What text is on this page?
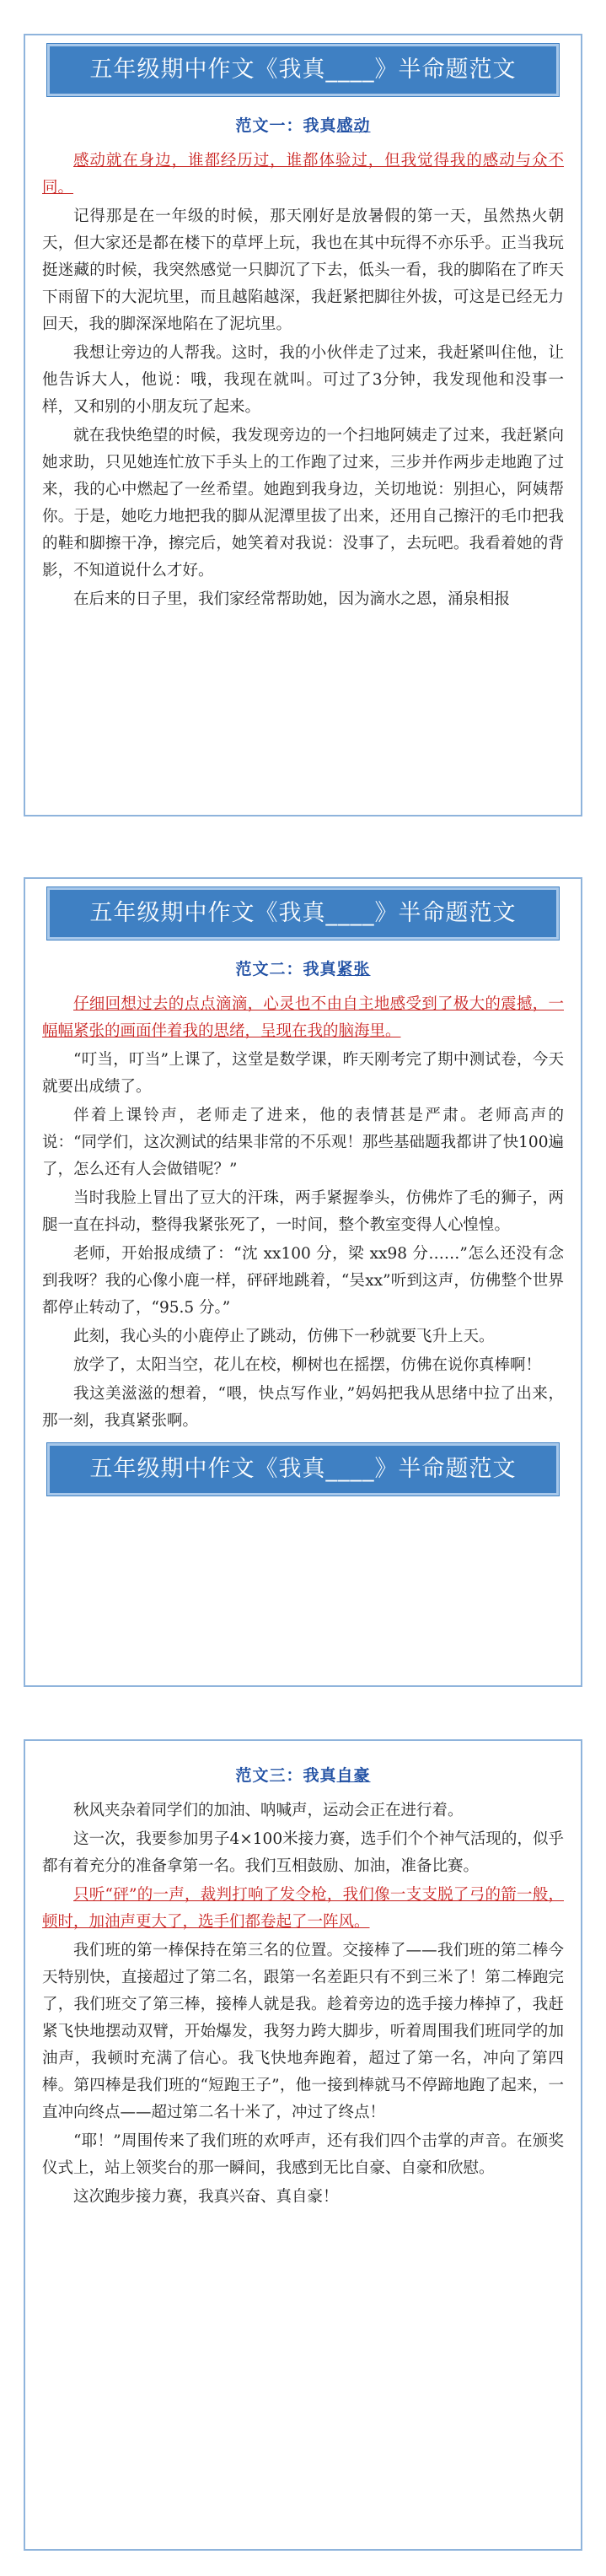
五年级期中作文《我真____》半命题范文
范文一：我真感动

感动就在身边，谁都经历过，谁都体验过，但我觉得我的感动与众不同。

记得那是在一年级的时候，那天刚好是放暑假的第一天，虽然热火朝天，但大家还是都在楼下的草坪上玩，我也在其中玩得不亦乐乎。正当我玩挺迷藏的时候，我突然感觉一只脚沉了下去，低头一看，我的脚陷在了昨天下雨留下的大泥坑里，而且越陷越深，我赶紧把脚往外拔，可这是已经无力回天，我的脚深深地陷在了泥坑里。

我想让旁边的人帮我。这时，我的小伙伴走了过来，我赶紧叫住他，让他告诉大人，他说：哦，我现在就叫。可过了3分钟，我发现他和没事一样，又和别的小朋友玩了起来。

就在我快绝望的时候，我发现旁边的一个扫地阿姨走了过来，我赶紧向她求助，只见她连忙放下手头上的工作跑了过来，三步并作两步走地跑了过来，我的心中燃起了一丝希望。她跑到我身边，关切地说：别担心，阿姨帮你。于是，她吃力地把我的脚从泥潭里拔了出来，还用自己擦汗的毛巾把我的鞋和脚擦干净，擦完后，她笑着对我说：没事了，去玩吧。我看着她的背影，不知道说什么才好。

在后来的日子里，我们家经常帮助她，因为滴水之恩，涌泉相报

五年级期中作文《我真____》半命题范文
范文二：我真紧张

仔细回想过去的点点滴滴，心灵也不由自主地感受到了极大的震撼，一幅幅紧张的画面伴着我的思绪，呈现在我的脑海里。

“叮当，叮当”上课了，这堂是数学课，昨天刚考完了期中测试卷，今天就要出成绩了。

伴着上课铃声，老师走了进来，他的表情甚是严肃。老师高声的说：“同学们，这次测试的结果非常的不乐观！那些基础题我都讲了快100遍了，怎么还有人会做错呢？”

当时我脸上冒出了豆大的汗珠，两手紧握拳头，仿佛炸了毛的狮子，两腿一直在抖动，整得我紧张死了，一时间，整个教室变得人心惶惶。

老师，开始报成绩了：“沈 xx100 分，梁 xx98 分……”怎么还没有念到我呀？我的心像小鹿一样，砰砰地跳着，“吴xx”听到这声，仿佛整个世界都停止转动了，“95.5 分。”

此刻，我心头的小鹿停止了跳动，仿佛下一秒就要飞升上天。

放学了，太阳当空，花儿在校，柳树也在摇摆，仿佛在说你真棒啊！

我这美滋滋的想着，“喂，快点写作业，”妈妈把我从思绪中拉了出来，那一刻，我真紧张啊。

五年级期中作文《我真____》半命题范文
范文三：我真自豪

秋风夹杂着同学们的加油、呐喊声，运动会正在进行着。

这一次，我要参加男子4×100米接力赛，选手们个个神气活现的，似乎都有着充分的准备拿第一名。我们互相鼓励、加油，准备比赛。

只听“砰”的一声，裁判打响了发令枪，我们像一支支脱了弓的箭一般，顿时，加油声更大了，选手们都卷起了一阵风。

我们班的第一棒保持在第三名的位置。交接棒了——我们班的第二棒今天特别快，直接超过了第二名，跟第一名差距只有不到三米了！第二棒跑完了，我们班交了第三棒，接棒人就是我。趁着旁边的选手接力棒掉了，我赶紧飞快地摆动双臂，开始爆发，我努力跨大脚步，听着周围我们班同学的加油声，我顿时充满了信心。我飞快地奔跑着，超过了第一名，冲向了第四棒。第四棒是我们班的“短跑王子”，他一接到棒就马不停蹄地跑了起来，一直冲向终点——超过第二名十米了，冲过了终点！

“耶！”周围传来了我们班的欢呼声，还有我们四个击掌的声音。在颁奖仪式上，站上领奖台的那一瞬间，我感到无比自豪、自豪和欣慰。

这次跑步接力赛，我真兴奋、真自豪！
